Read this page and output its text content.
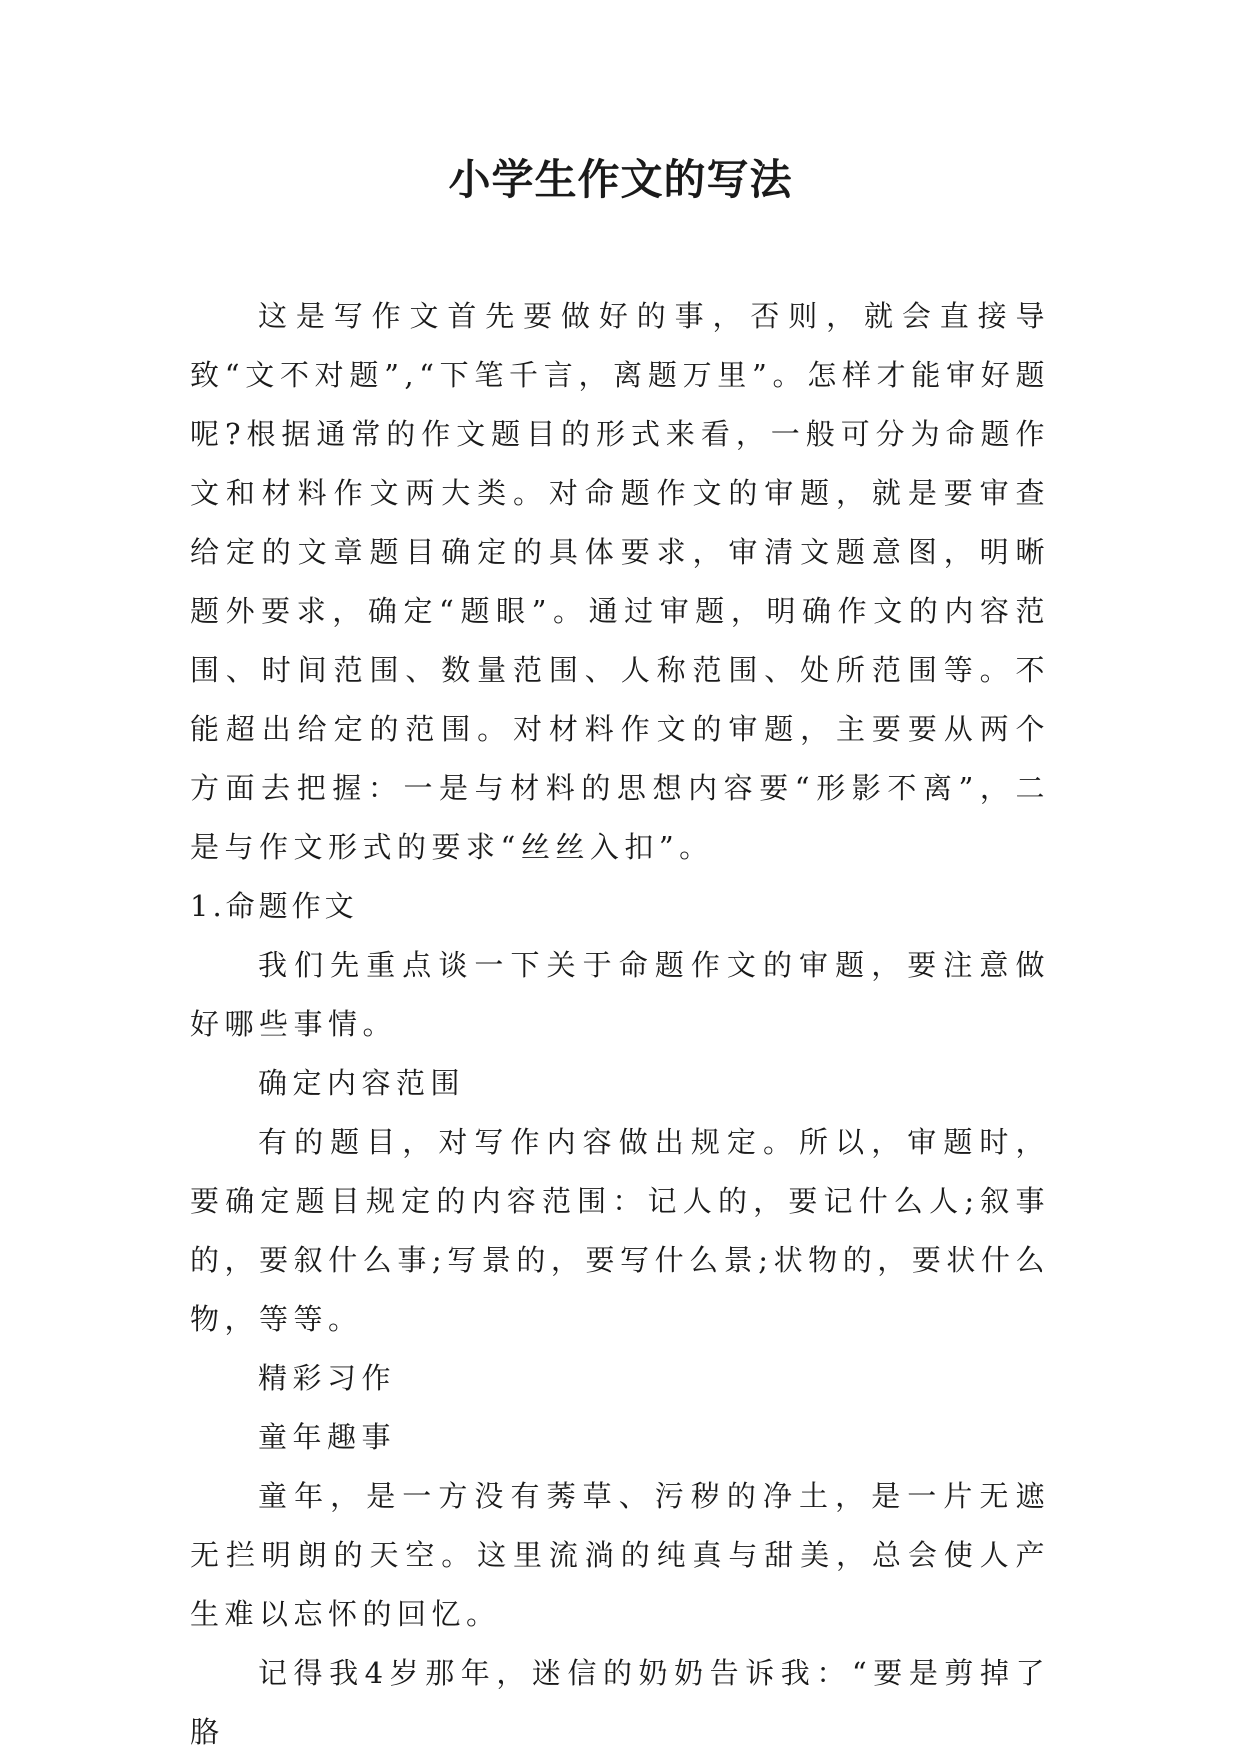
小学生作文的写法

这是写作文首先要做好的事，否则，就会直接导致“文不对题”,“下笔千言，离题万里”。怎样才能审好题呢?根据通常的作文题目的形式来看，一般可分为命题作文和材料作文两大类。对命题作文的审题，就是要审查给定的文章题目确定的具体要求，审清文题意图，明晰题外要求，确定“题眼”。通过审题，明确作文的内容范围、时间范围、数量范围、人称范围、处所范围等。不能超出给定的范围。对材料作文的审题，主要要从两个方面去把握：一是与材料的思想内容要“形影不离”，二是与作文形式的要求“丝丝入扣”。

1.命题作文

我们先重点谈一下关于命题作文的审题，要注意做好哪些事情。

确定内容范围

有的题目，对写作内容做出规定。所以，审题时，要确定题目规定的内容范围：记人的，要记什么人;叙事的，要叙什么事;写景的，要写什么景;状物的，要状什么物，等等。

精彩习作

童年趣事

童年，是一方没有莠草、污秽的净土，是一片无遮无拦明朗的天空。这里流淌的纯真与甜美，总会使人产生难以忘怀的回忆。

记得我4岁那年，迷信的奶奶告诉我：“要是剪掉了胳
